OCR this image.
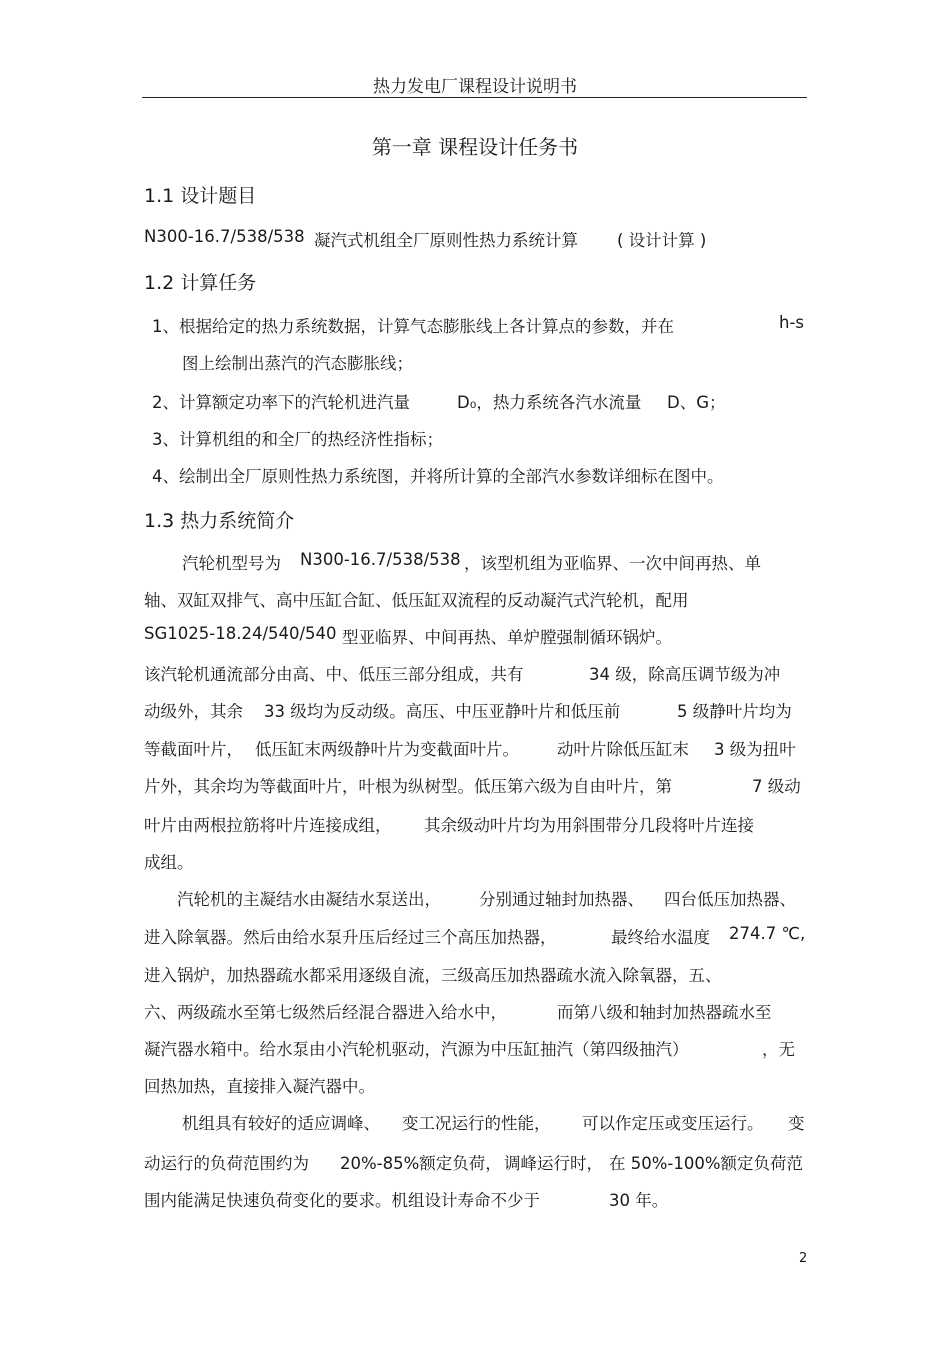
热力发电厂课程设计说明书
第一章 课程设计任务书
1.1 设计题目
N300-16.7/538/538 凝汽式机组全厂原则性热力系统计算 ( 设计计算 )
1.2 计算任务
1、根据给定的热力系统数据，计算气态膨胀线上各计算点的参数，并在	h-s
图上绘制出蒸汽的汽态膨胀线；
2、计算额定功率下的汽轮机进汽量	D₀，热力系统各汽水流量 D、G；
3、计算机组的和全厂的热经济性指标；
4、绘制出全厂原则性热力系统图，并将所计算的全部汽水参数详细标在图中。
1.3 热力系统简介
汽轮机型号为 N300-16.7/538/538 ，该型机组为亚临界、一次中间再热、单
轴、双缸双排气、高中压缸合缸、低压缸双流程的反动凝汽式汽轮机，配用
SG1025-18.24/540/540 型亚临界、中间再热、单炉膛强制循环锅炉。
该汽轮机通流部分由高、中、低压三部分组成，共有	34 级，除高压调节级为冲
动级外，其余 33 级均为反动级。高压、中压亚静叶片和低压前	5 级静叶片均为
等截面叶片， 低压缸末两级静叶片为变截面叶片。 动叶片除低压缸末 3 级为扭叶
片外，其余均为等截面叶片，叶根为纵树型。低压第六级为自由叶片，第	7 级动
叶片由两根拉筋将叶片连接成组， 其余级动叶片均为用斜围带分几段将叶片连接
成组。
汽轮机的主凝结水由凝结水泵送出， 分别通过轴封加热器、 四台低压加热器、
进入除氧器。然后由给水泵升压后经过三个高压加热器，	最终给水温度 274.7 ℃,
进入锅炉，加热器疏水都采用逐级自流，三级高压加热器疏水流入除氧器，五、
六、两级疏水至第七级然后经混合器进入给水中，	而第八级和轴封加热器疏水至
凝汽器水箱中。给水泵由小汽轮机驱动，汽源为中压缸抽汽（第四级抽汽）	，无
回热加热，直接排入凝汽器中。
机组具有较好的适应调峰、 变工况运行的性能， 可以作定压或变压运行。 变
动运行的负荷范围约为 20%-85%额定负荷， 调峰运行时， 在 50%-100%额定负荷范
围内能满足快速负荷变化的要求。机组设计寿命不少于	30 年。
2
